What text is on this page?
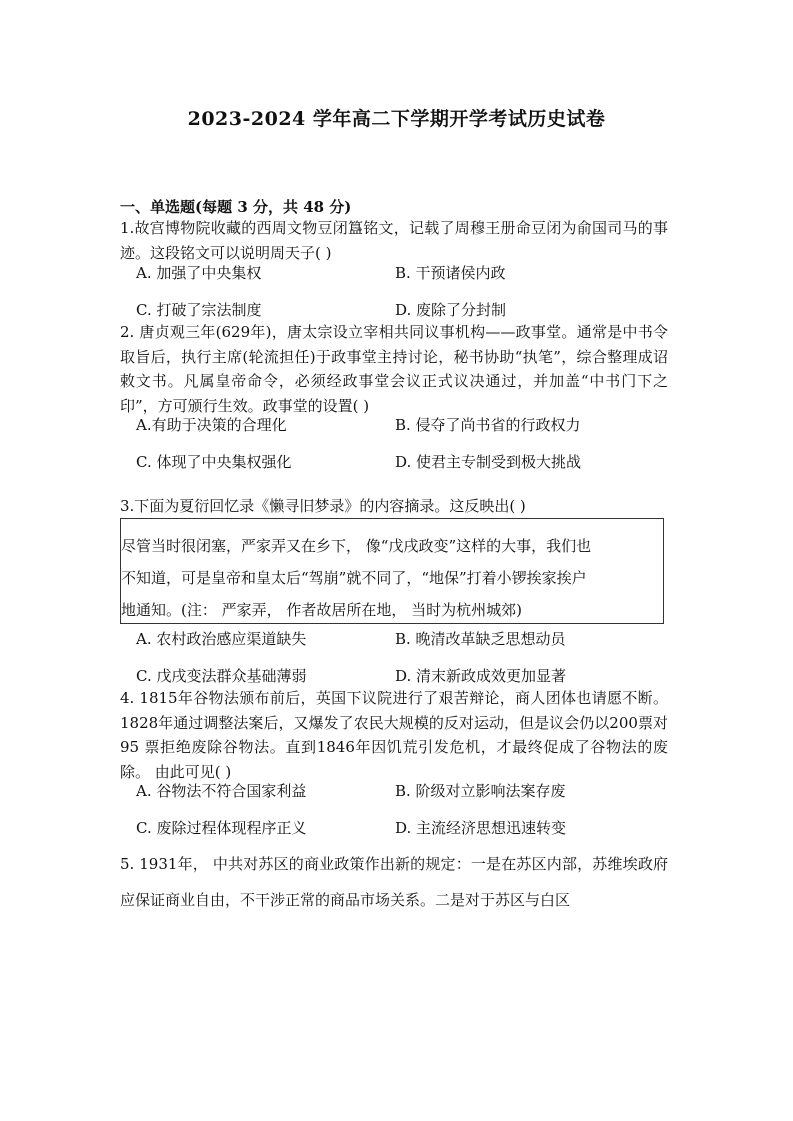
2023-2024 学年高二下学期开学考试历史试卷
一、单选题(每题 3 分，共 48 分)
1.故宫博物院收藏的西周文物豆闭簋铭文，记载了周穆王册命豆闭为俞国司马的事迹。这段铭文可以说明周天子( )
A. 加强了中央集权	B. 干预诸侯内政
C. 打破了宗法制度	D. 废除了分封制
2. 唐贞观三年(629年)，唐太宗设立宰相共同议事机构——政事堂。通常是中书令取旨后，执行主席(轮流担任)于政事堂主持讨论，秘书协助“执笔”，综合整理成诏敕文书。凡属皇帝命令，必须经政事堂会议正式议决通过，并加盖“中书门下之印”，方可颁行生效。政事堂的设置( )
A.有助于决策的合理化	B. 侵夺了尚书省的行政权力
C. 体现了中央集权强化	D. 使君主专制受到极大挑战
3.下面为夏衍回忆录《懒寻旧梦录》的内容摘录。这反映出( )
尽管当时很闭塞，严家弄又在乡下， 像“戊戌政变”这样的大事，我们也
不知道，可是皇帝和皇太后“驾崩”就不同了，“地保”打着小锣挨家挨户
地通知。(注： 严家弄， 作者故居所在地， 当时为杭州城郊)
A. 农村政治感应渠道缺失	B. 晚清改革缺乏思想动员
C. 戊戌变法群众基础薄弱	D. 清末新政成效更加显著
4. 1815年谷物法颁布前后，英国下议院进行了艰苦辩论，商人团体也请愿不断。1828年通过调整法案后，又爆发了农民大规模的反对运动，但是议会仍以200票对95 票拒绝废除谷物法。直到1846年因饥荒引发危机，才最终促成了谷物法的废除。 由此可见( )
A. 谷物法不符合国家利益	B. 阶级对立影响法案存废
C. 废除过程体现程序正义	D. 主流经济思想迅速转变
5. 1931年， 中共对苏区的商业政策作出新的规定：一是在苏区内部，苏维埃政府应保证商业自由，不干涉正常的商品市场关系。二是对于苏区与白区
